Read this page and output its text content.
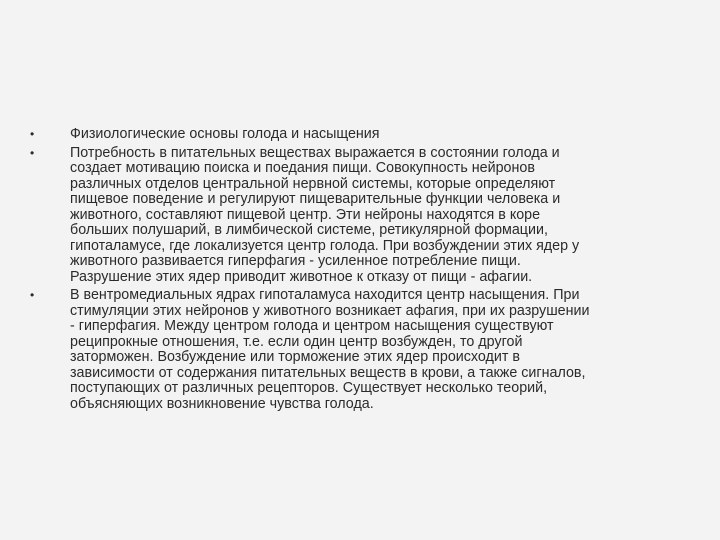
•	Физиологические основы голода и насыщения
•	Потребность в питательных веществах выражается в состоянии голода и
создает мотивацию поиска и поедания пищи. Совокупность нейронов
различных отделов центральной нервной системы, которые определяют
пищевое поведение и регулируют пищеварительные функции человека и
животного, составляют пищевой центр. Эти нейроны находятся в коре
больших полушарий, в лимбической системе, ретикулярной формации,
гипоталамусе, где локализуется центр голода. При возбуждении этих ядер у
животного развивается гиперфагия - усиленное потребление пищи.
Разрушение этих ядер приводит животное к отказу от пищи - афагии.
•	В вентромедиальных ядрах гипоталамуса находится центр насыщения. При
стимуляции этих нейронов у животного возникает афагия, при их разрушении
- гиперфагия. Между центром голода и центром насыщения существуют
реципрокные отношения, т.е. если один центр возбужден, то другой
заторможен. Возбуждение или торможение этих ядер происходит в
зависимости от содержания питательных веществ в крови, а также сигналов,
поступающих от различных рецепторов. Существует несколько теорий,
объясняющих возникновение чувства голода.
